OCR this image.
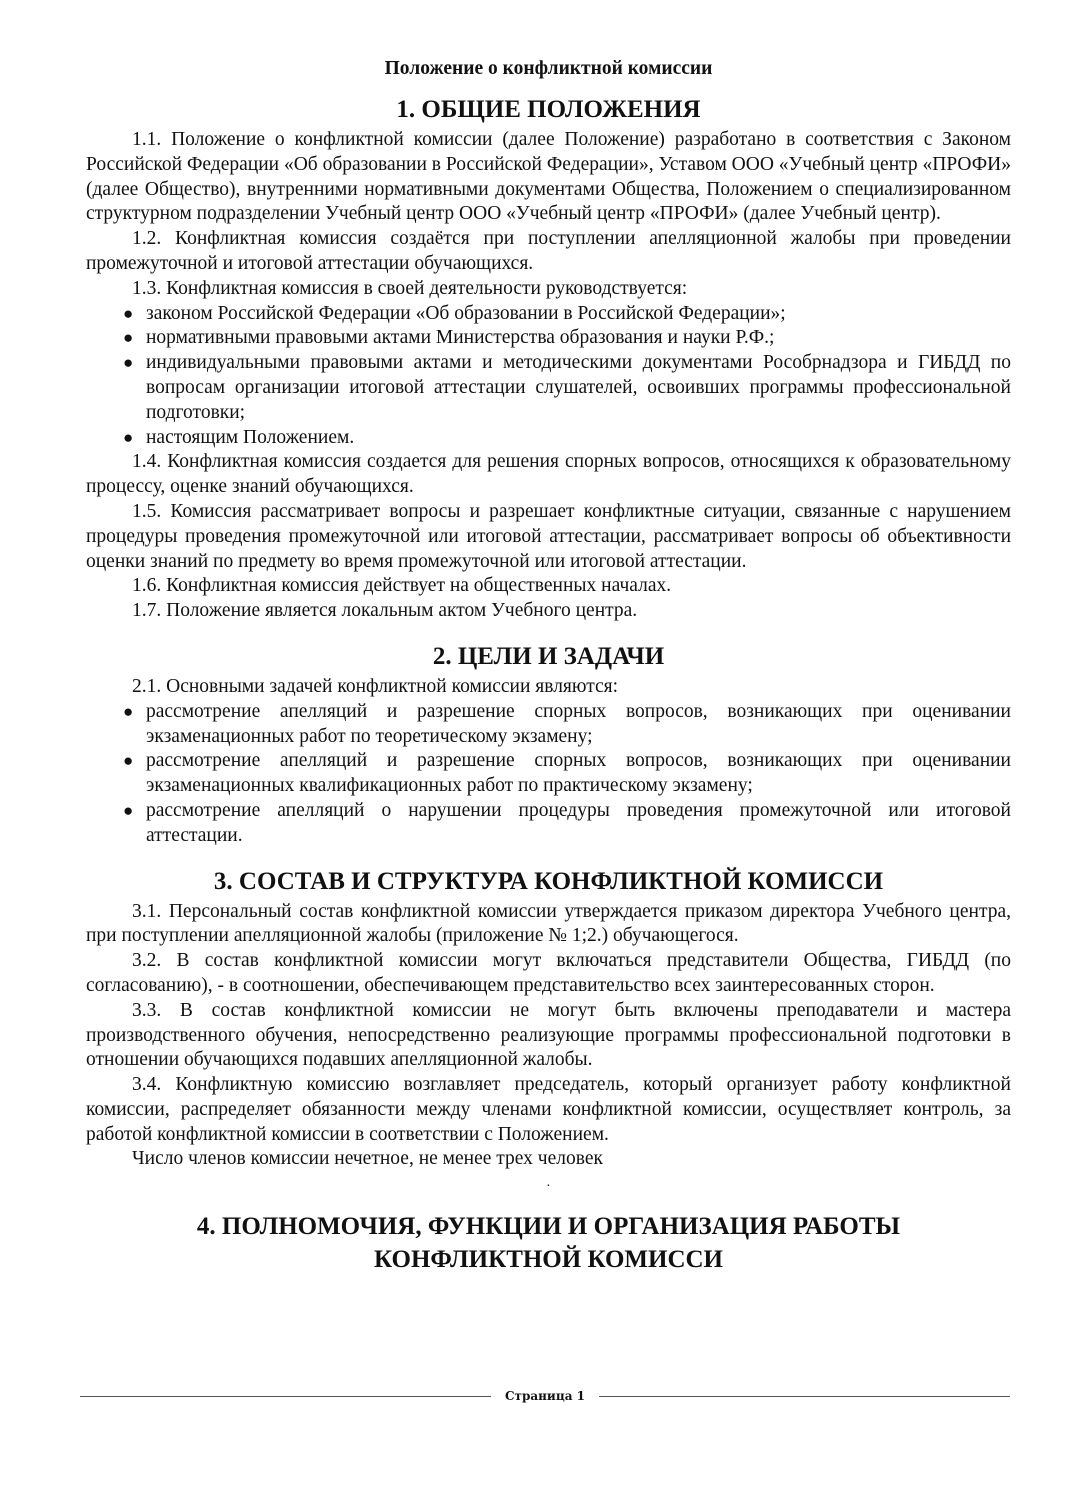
Положение о конфликтной комиссии
1. ОБЩИЕ ПОЛОЖЕНИЯ

1.1. Положение о конфликтной комиссии (далее Положение) разработано в соответствия с Законом Российской Федерации «Об образовании в Российской Федерации», Уставом ООО «Учебный центр «ПРОФИ» (далее Общество), внутренними нормативными документами Общества, Положением о специализированном структурном подразделении Учебный центр ООО «Учебный центр «ПРОФИ» (далее Учебный центр).

1.2. Конфликтная комиссия создаётся при поступлении апелляционной жалобы при проведении промежуточной и итоговой аттестации обучающихся.

1.3. Конфликтная комиссия в своей деятельности руководствуется:

● законом Российской Федерации «Об образовании в Российской Федерации»;
● нормативными правовыми актами Министерства образования и науки Р.Ф.;
● индивидуальными правовыми актами и методическими документами Рособрнадзора и ГИБДД по вопросам организации итоговой аттестации слушателей, освоивших программы профессиональной подготовки;
● настоящим Положением.

1.4. Конфликтная комиссия создается для решения спорных вопросов, относящихся к образовательному процессу, оценке знаний обучающихся.

1.5. Комиссия рассматривает вопросы и разрешает конфликтные ситуации, связанные с нарушением процедуры проведения промежуточной или итоговой аттестации, рассматривает вопросы об объективности оценки знаний по предмету во время промежуточной или итоговой аттестации.

1.6. Конфликтная комиссия действует на общественных началах.

1.7. Положение является локальным актом Учебного центра.

2. ЦЕЛИ И ЗАДАЧИ

2.1. Основными задачей конфликтной комиссии являются:

● рассмотрение апелляций и разрешение спорных вопросов, возникающих при оценивании экзаменационных работ по теоретическому экзамену;
● рассмотрение апелляций и разрешение спорных вопросов, возникающих при оценивании экзаменационных квалификационных работ по практическому экзамену;
● рассмотрение апелляций о нарушении процедуры проведения промежуточной или итоговой аттестации.
3. СОСТАВ И СТРУКТУРА КОНФЛИКТНОЙ КОМИССИ

3.1. Персональный состав конфликтной комиссии утверждается приказом директора Учебного центра, при поступлении апелляционной жалобы (приложение № 1;2.) обучающегося.

3.2. В состав конфликтной комиссии могут включаться представители Общества, ГИБДД (по согласованию), - в соотношении, обеспечивающем представительство всех заинтересованных сторон.

3.3. В состав конфликтной комиссии не могут быть включены преподаватели и мастера производственного обучения, непосредственно реализующие программы профессиональной подготовки в отношении обучающихся подавших апелляционной жалобы.

3.4. Конфликтную комиссию возглавляет председатель, который организует работу конфликтной комиссии, распределяет обязанности между членами конфликтной комиссии, осуществляет контроль, за работой конфликтной комиссии в соответствии с Положением.

Число членов комиссии нечетное, не менее трех человек

·
4. ПОЛНОМОЧИЯ, ФУНКЦИИ И ОРГАНИЗАЦИЯ РАБОТЫ
КОНФЛИКТНОЙ КОМИССИ
Страница 1
